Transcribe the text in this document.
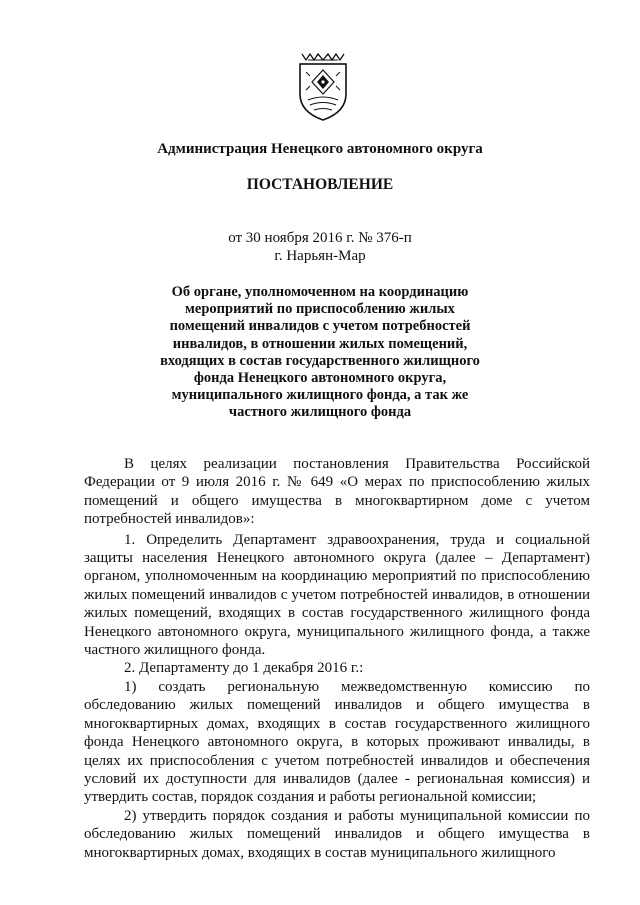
Администрация Ненецкого автономного округа
ПОСТАНОВЛЕНИЕ
от 30 ноября 2016 г. № 376-п
г. Нарьян-Мар
Об органе, уполномоченном на координацию мероприятий по приспособлению жилых помещений инвалидов с учетом потребностей инвалидов, в отношении жилых помещений, входящих в состав государственного жилищного фонда Ненецкого автономного округа, муниципального жилищного фонда, а так же частного жилищного фонда

В целях реализации постановления Правительства Российской Федерации от 9 июля 2016 г. № 649 «О мерах по приспособлению жилых помещений и общего имущества в многоквартирном доме с учетом потребностей инвалидов»:

1. Определить Департамент здравоохранения, труда и социальной защиты населения Ненецкого автономного округа (далее – Департамент) органом, уполномоченным на координацию мероприятий по приспособлению жилых помещений инвалидов с учетом потребностей инвалидов, в отношении жилых помещений, входящих в состав государственного жилищного фонда Ненецкого автономного округа, муниципального жилищного фонда, а также частного жилищного фонда.

2. Департаменту до 1 декабря 2016 г.:

1) создать региональную межведомственную комиссию по обследованию жилых помещений инвалидов и общего имущества в многоквартирных домах, входящих в состав государственного жилищного фонда Ненецкого автономного округа, в которых проживают инвалиды, в целях их приспособления с учетом потребностей инвалидов и обеспечения условий их доступности для инвалидов (далее - региональная комиссия) и утвердить состав, порядок создания и работы региональной комиссии;

2) утвердить порядок создания и работы муниципальной комиссии по обследованию жилых помещений инвалидов и общего имущества в многоквартирных домах, входящих в состав муниципального жилищного
